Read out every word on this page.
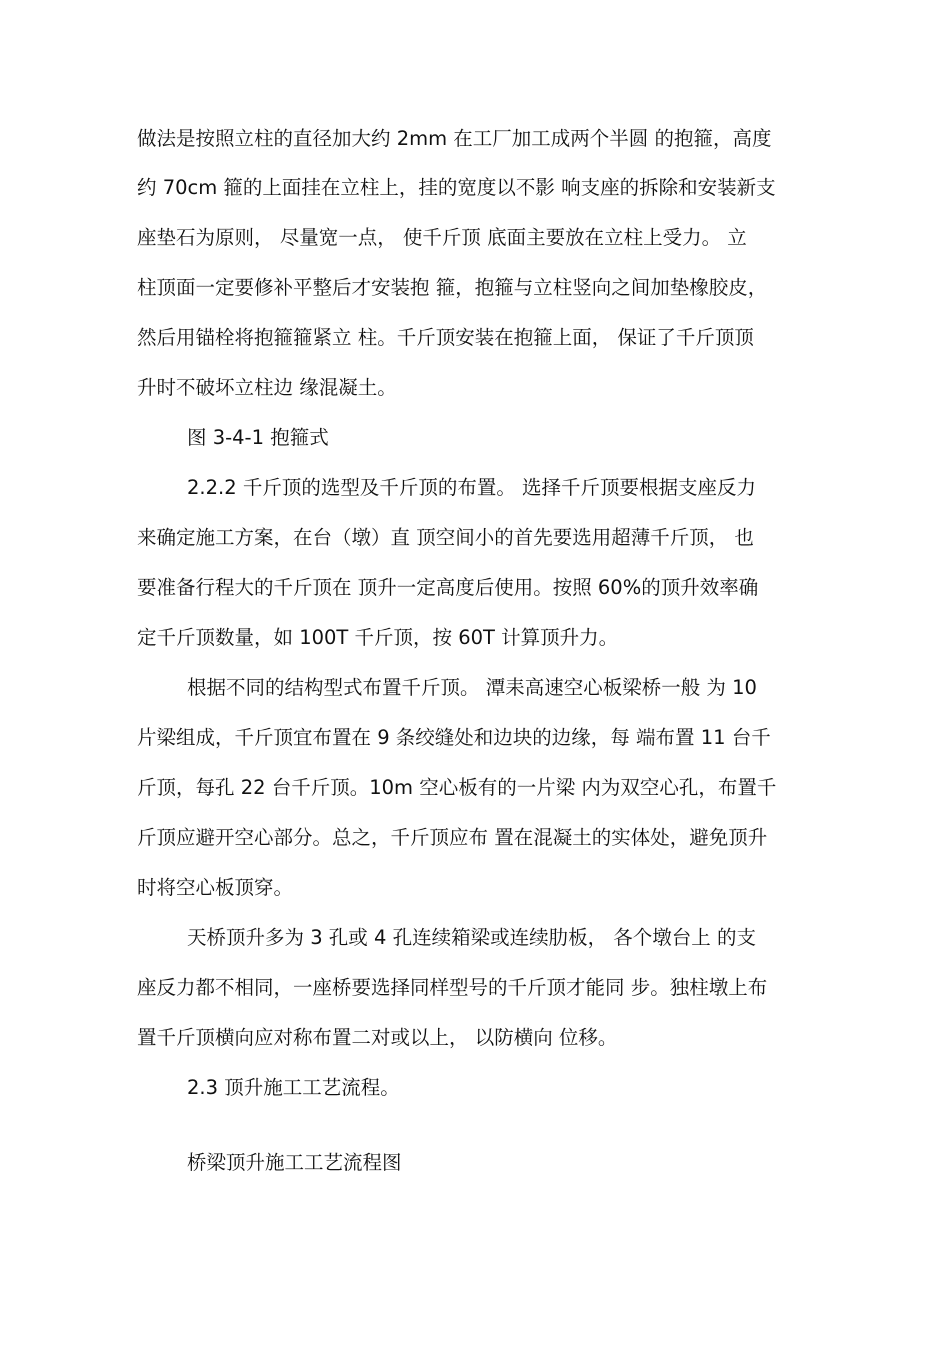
做法是按照立柱的直径加大约 2mm 在工厂加工成两个半圆 的抱箍，高度

约 70cm 箍的上面挂在立柱上，挂的宽度以不影 响支座的拆除和安装新支

座垫石为原则， 尽量宽一点， 使千斤顶 底面主要放在立柱上受力。 立

柱顶面一定要修补平整后才安装抱 箍，抱箍与立柱竖向之间加垫橡胶皮，

然后用锚栓将抱箍箍紧立 柱。千斤顶安装在抱箍上面， 保证了千斤顶顶

升时不破坏立柱边 缘混凝土。

图 3-4-1 抱箍式

2.2.2 千斤顶的选型及千斤顶的布置。 选择千斤顶要根据支座反力

来确定施工方案，在台（墩）直 顶空间小的首先要选用超薄千斤顶， 也

要准备行程大的千斤顶在 顶升一定高度后使用。按照 60%的顶升效率确

定千斤顶数量，如 100T 千斤顶，按 60T 计算顶升力。

根据不同的结构型式布置千斤顶。 潭耒高速空心板梁桥一般 为 10

片梁组成，千斤顶宜布置在 9 条绞缝处和边块的边缘，每 端布置 11 台千

斤顶，每孔 22 台千斤顶。10m 空心板有的一片梁 内为双空心孔，布置千

斤顶应避开空心部分。总之，千斤顶应布 置在混凝土的实体处，避免顶升

时将空心板顶穿。

天桥顶升多为 3 孔或 4 孔连续箱梁或连续肋板， 各个墩台上 的支

座反力都不相同，一座桥要选择同样型号的千斤顶才能同 步。独柱墩上布

置千斤顶横向应对称布置二对或以上， 以防横向 位移。

2.3 顶升施工工艺流程。

桥梁顶升施工工艺流程图
